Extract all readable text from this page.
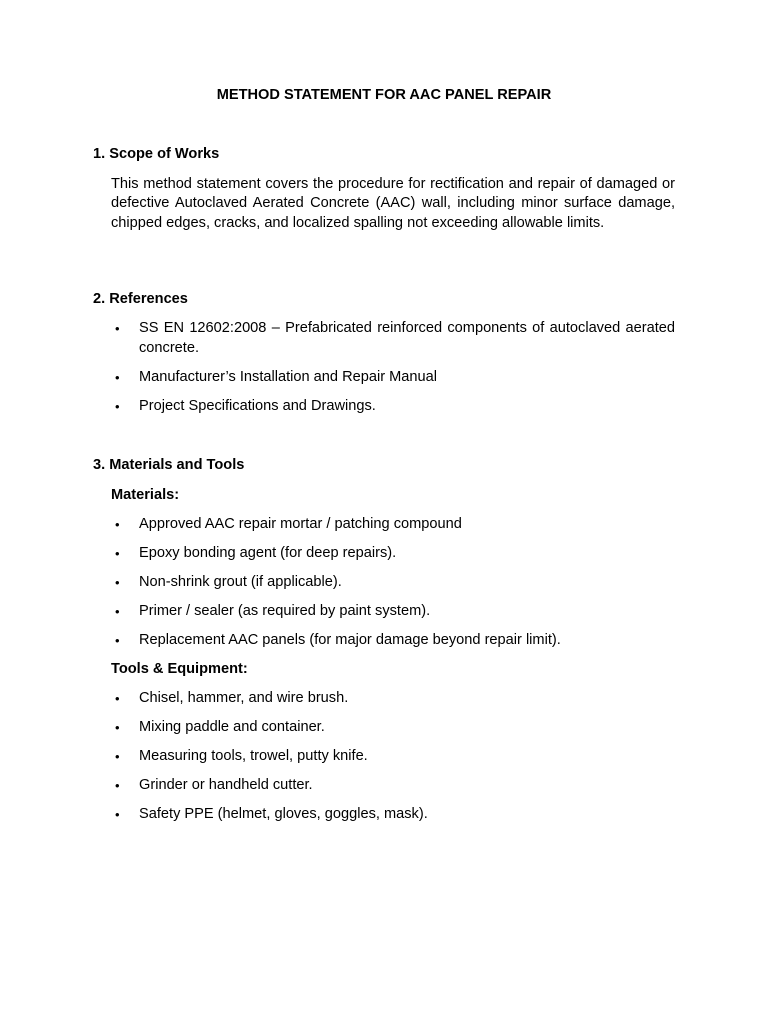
METHOD STATEMENT FOR AAC PANEL REPAIR

1. Scope of Works

This method statement covers the procedure for rectification and repair of damaged or defective Autoclaved Aerated Concrete (AAC) wall, including minor surface damage, chipped edges, cracks, and localized spalling not exceeding allowable limits.

2. References

• SS EN 12602:2008 – Prefabricated reinforced components of autoclaved aerated concrete.
• Manufacturer’s Installation and Repair Manual
• Project Specifications and Drawings.

3. Materials and Tools

Materials:

• Approved AAC repair mortar / patching compound
• Epoxy bonding agent (for deep repairs).
• Non-shrink grout (if applicable).
• Primer / sealer (as required by paint system).
• Replacement AAC panels (for major damage beyond repair limit).

Tools & Equipment:

• Chisel, hammer, and wire brush.
• Mixing paddle and container.
• Measuring tools, trowel, putty knife.
• Grinder or handheld cutter.
• Safety PPE (helmet, gloves, goggles, mask).
